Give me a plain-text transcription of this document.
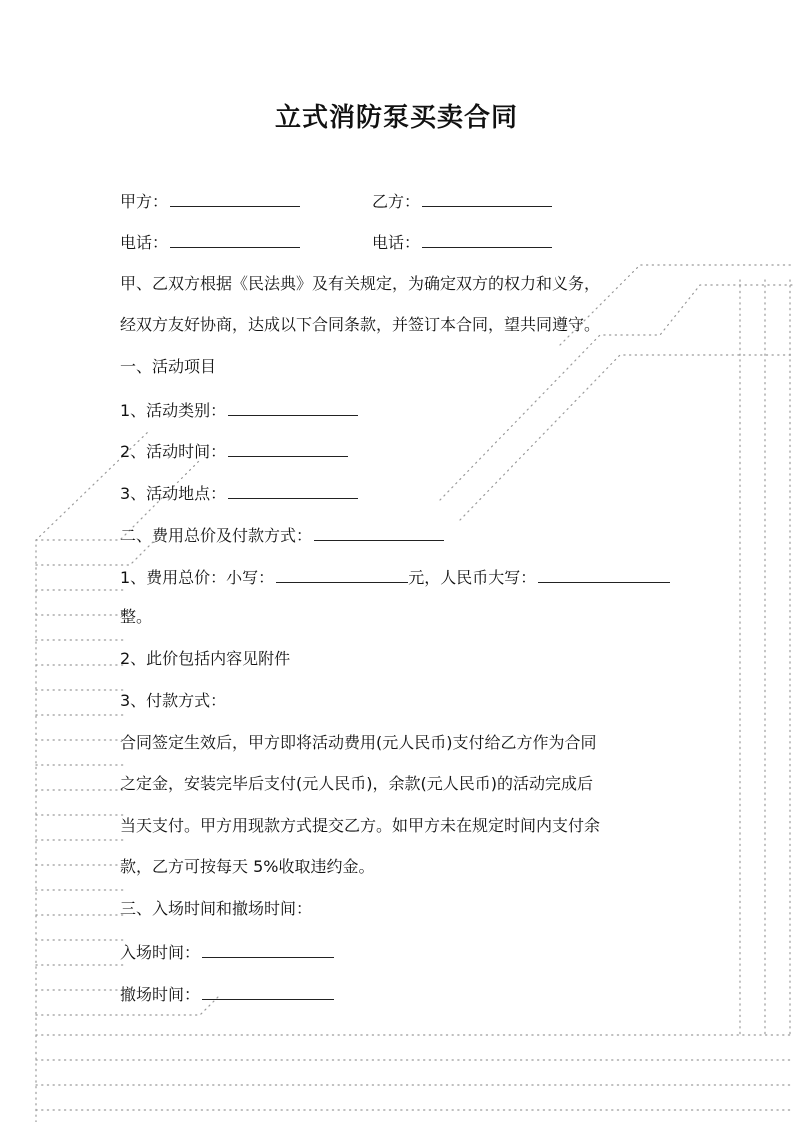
立式消防泵买卖合同
甲方：	乙方：
电话：	电话：
甲、乙双方根据《民法典》及有关规定，为确定双方的权力和义务，
经双方友好协商，达成以下合同条款，并签订本合同，望共同遵守。
一、活动项目
1、活动类别：
2、活动时间：
3、活动地点：
二、费用总价及付款方式：
1、费用总价：小写：	元，人民币大写：
整。
2、此价包括内容见附件
3、付款方式：
合同签定生效后，甲方即将活动费用(元人民币)支付给乙方作为合同
之定金，安装完毕后支付(元人民币)，余款(元人民币)的活动完成后
当天支付。甲方用现款方式提交乙方。如甲方未在规定时间内支付余
款，乙方可按每天 5%收取违约金。
三、入场时间和撤场时间：
入场时间：
撤场时间：
